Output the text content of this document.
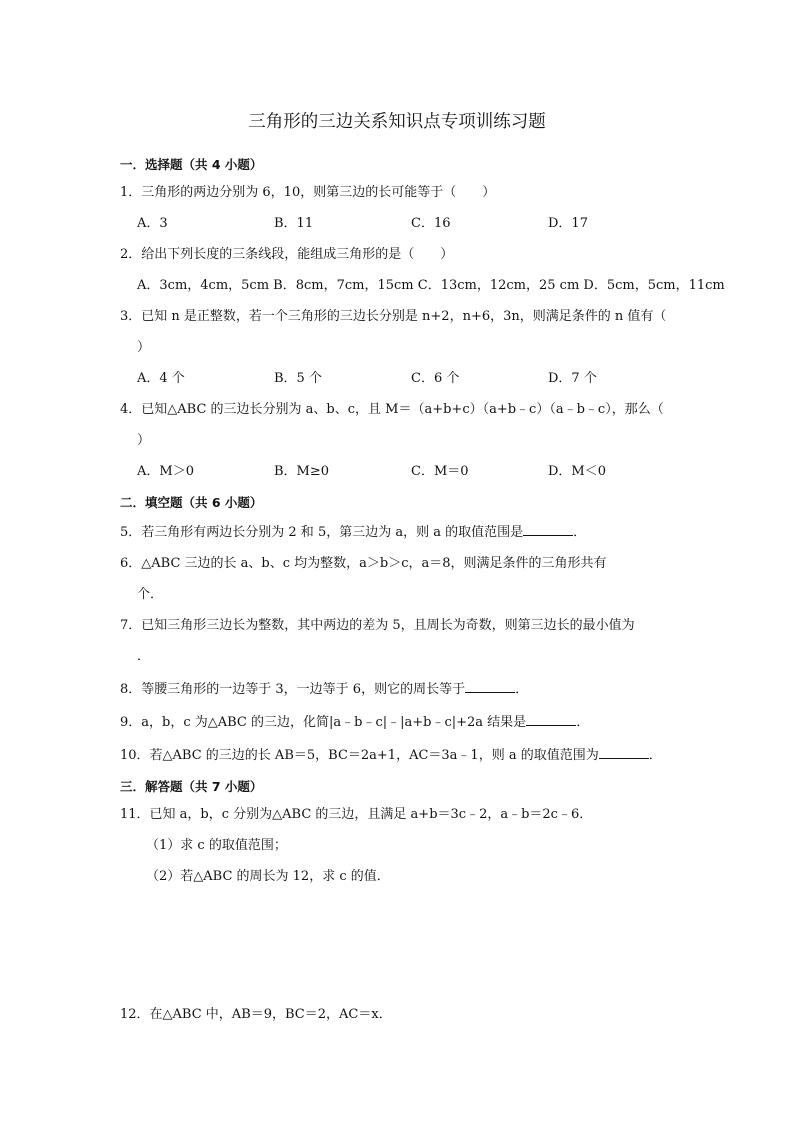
三角形的三边关系知识点专项训练习题
一．选择题（共 4 小题）
1．三角形的两边分别为 6，10，则第三边的长可能等于（　　）
A．3	B．11	C．16	D．17
2．给出下列长度的三条线段，能组成三角形的是（　　）
A．3cm，4cm，5cm B．8cm，7cm，15cm C．13cm，12cm，25 cm D．5cm，5cm，11cm
3．已知 n 是正整数，若一个三角形的三边长分别是 n+2，n+6，3n，则满足条件的 n 值有（
）
A．4 个	B．5 个	C．6 个	D．7 个
4．已知△ABC 的三边长分别为 a、b、c，且 M＝（a+b+c）（a+b﹣c）（a﹣b﹣c），那么（
）
A．M＞0	B．M≥0	C．M＝0	D．M＜0
二．填空题（共 6 小题）
5．若三角形有两边长分别为 2 和 5，第三边为 a，则 a 的取值范围是	．
6．△ABC 三边的长 a、b、c 均为整数，a＞b＞c，a＝8，则满足条件的三角形共有
个．
7．已知三角形三边长为整数，其中两边的差为 5，且周长为奇数，则第三边长的最小值为
．
8．等腰三角形的一边等于 3，一边等于 6，则它的周长等于	．
9．a，b，c 为△ABC 的三边，化简|a﹣b﹣c|﹣|a+b﹣c|+2a 结果是	．
10．若△ABC 的三边的长 AB＝5，BC＝2a+1，AC＝3a﹣1，则 a 的取值范围为	．
三．解答题（共 7 小题）
11．已知 a，b，c 分别为△ABC 的三边，且满足 a+b＝3c﹣2，a﹣b＝2c﹣6．
（1）求 c 的取值范围；
（2）若△ABC 的周长为 12，求 c 的值．
12．在△ABC 中，AB＝9，BC＝2，AC＝x．
